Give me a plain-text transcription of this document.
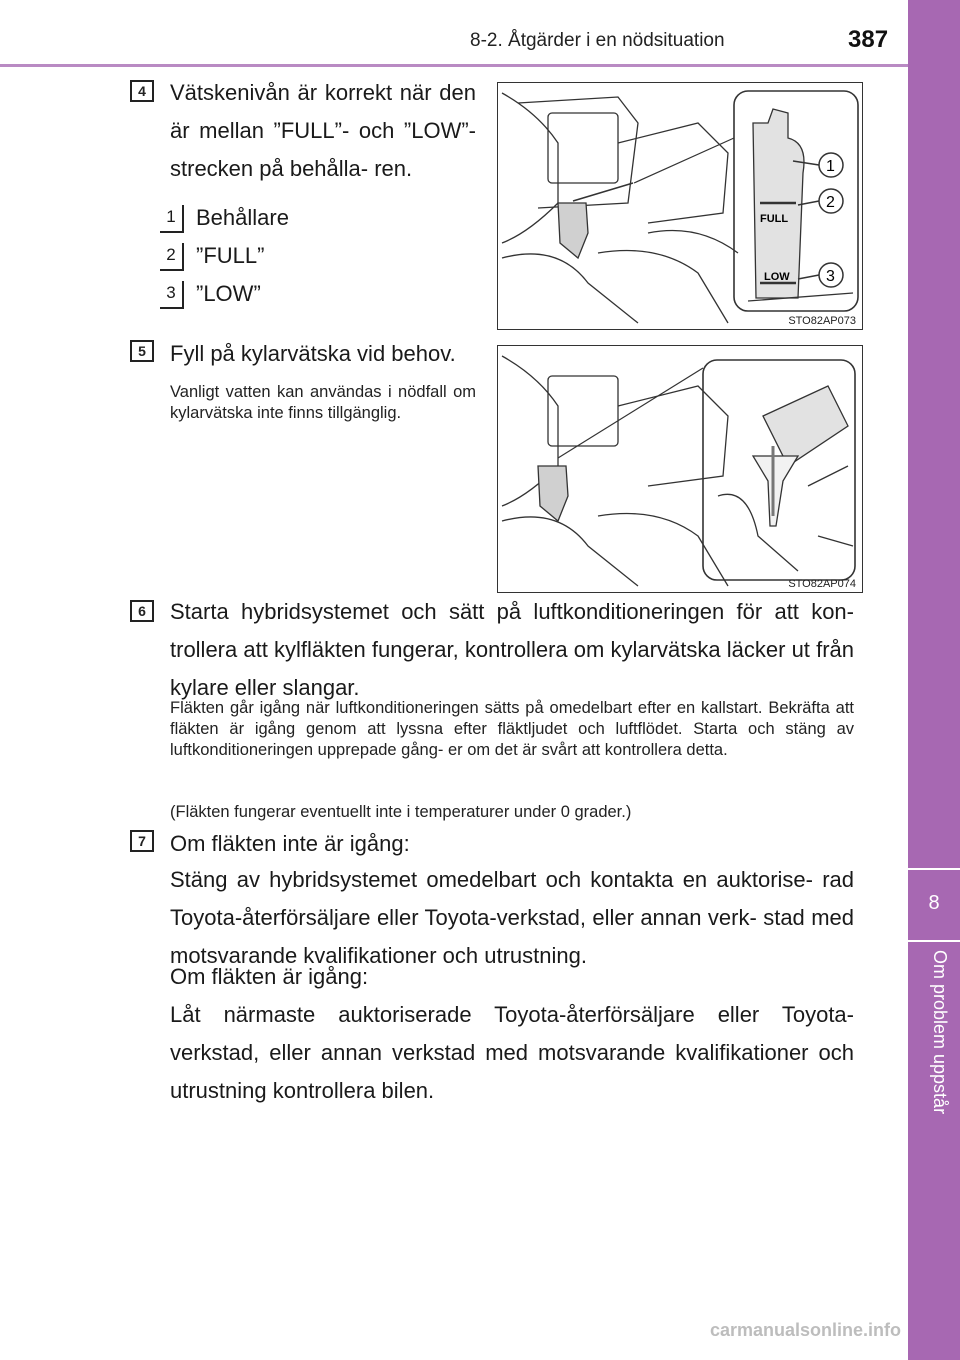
8-2. Åtgärder i en nödsituation	387
8
Om problem uppstår
4	Vätskenivån är korrekt när den är mellan ”FULL”- och ”LOW”-strecken på behålla- ren.
1 Behållare
2 ”FULL”
3 ”LOW”
FULL
LOW
1
2
3
STO82AP073
5	Fyll på kylarvätska vid behov.
Vanligt vatten kan användas i nödfall om kylarvätska inte finns tillgänglig.
STO82AP074
6	Starta hybridsystemet och sätt på luftkonditioneringen för att kon- trollera att kylfläkten fungerar, kontrollera om kylarvätska läcker ut från kylare eller slangar.
Fläkten går igång när luftkonditioneringen sätts på omedelbart efter en kallstart. Bekräfta att fläkten är igång genom att lyssna efter fläktljudet och luftflödet. Starta och stäng av luftkonditioneringen upprepade gång- er om det är svårt att kontrollera detta.
(Fläkten fungerar eventuellt inte i temperaturer under 0 grader.)
7	Om fläkten inte är igång:
Stäng av hybridsystemet omedelbart och kontakta en auktorise- rad Toyota-återförsäljare eller Toyota-verkstad, eller annan verk- stad med motsvarande kvalifikationer och utrustning.
Om fläkten är igång:
Låt närmaste auktoriserade Toyota-återförsäljare eller Toyota- verkstad, eller annan verkstad med motsvarande kvalifikationer och utrustning kontrollera bilen.
carmanualsonline.info
